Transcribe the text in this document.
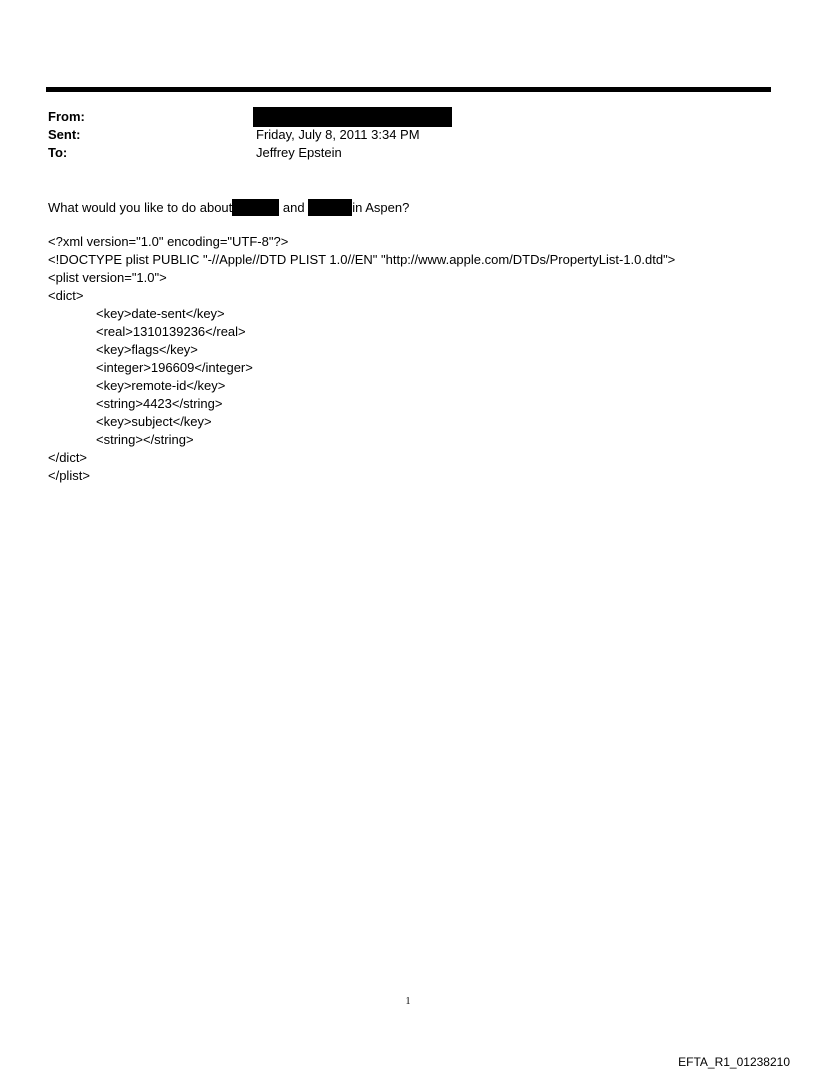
From:
Sent:	Friday, July 8, 2011 3:34 PM
To:	Jeffrey Epstein
What would you like to do about	and	in Aspen?
<?xml version="1.0" encoding="UTF-8"?>
<!DOCTYPE plist PUBLIC "-//Apple//DTD PLIST 1.0//EN" "http://www.apple.com/DTDs/PropertyList-1.0.dtd">
<plist version="1.0">
<dict>
<key>date-sent</key>
<real>1310139236</real>
<key>flags</key>
<integer>196609</integer>
<key>remote-id</key>
<string>4423</string>
<key>subject</key>
<string></string>
</dict>
</plist>
1
EFTA_R1_01238210
